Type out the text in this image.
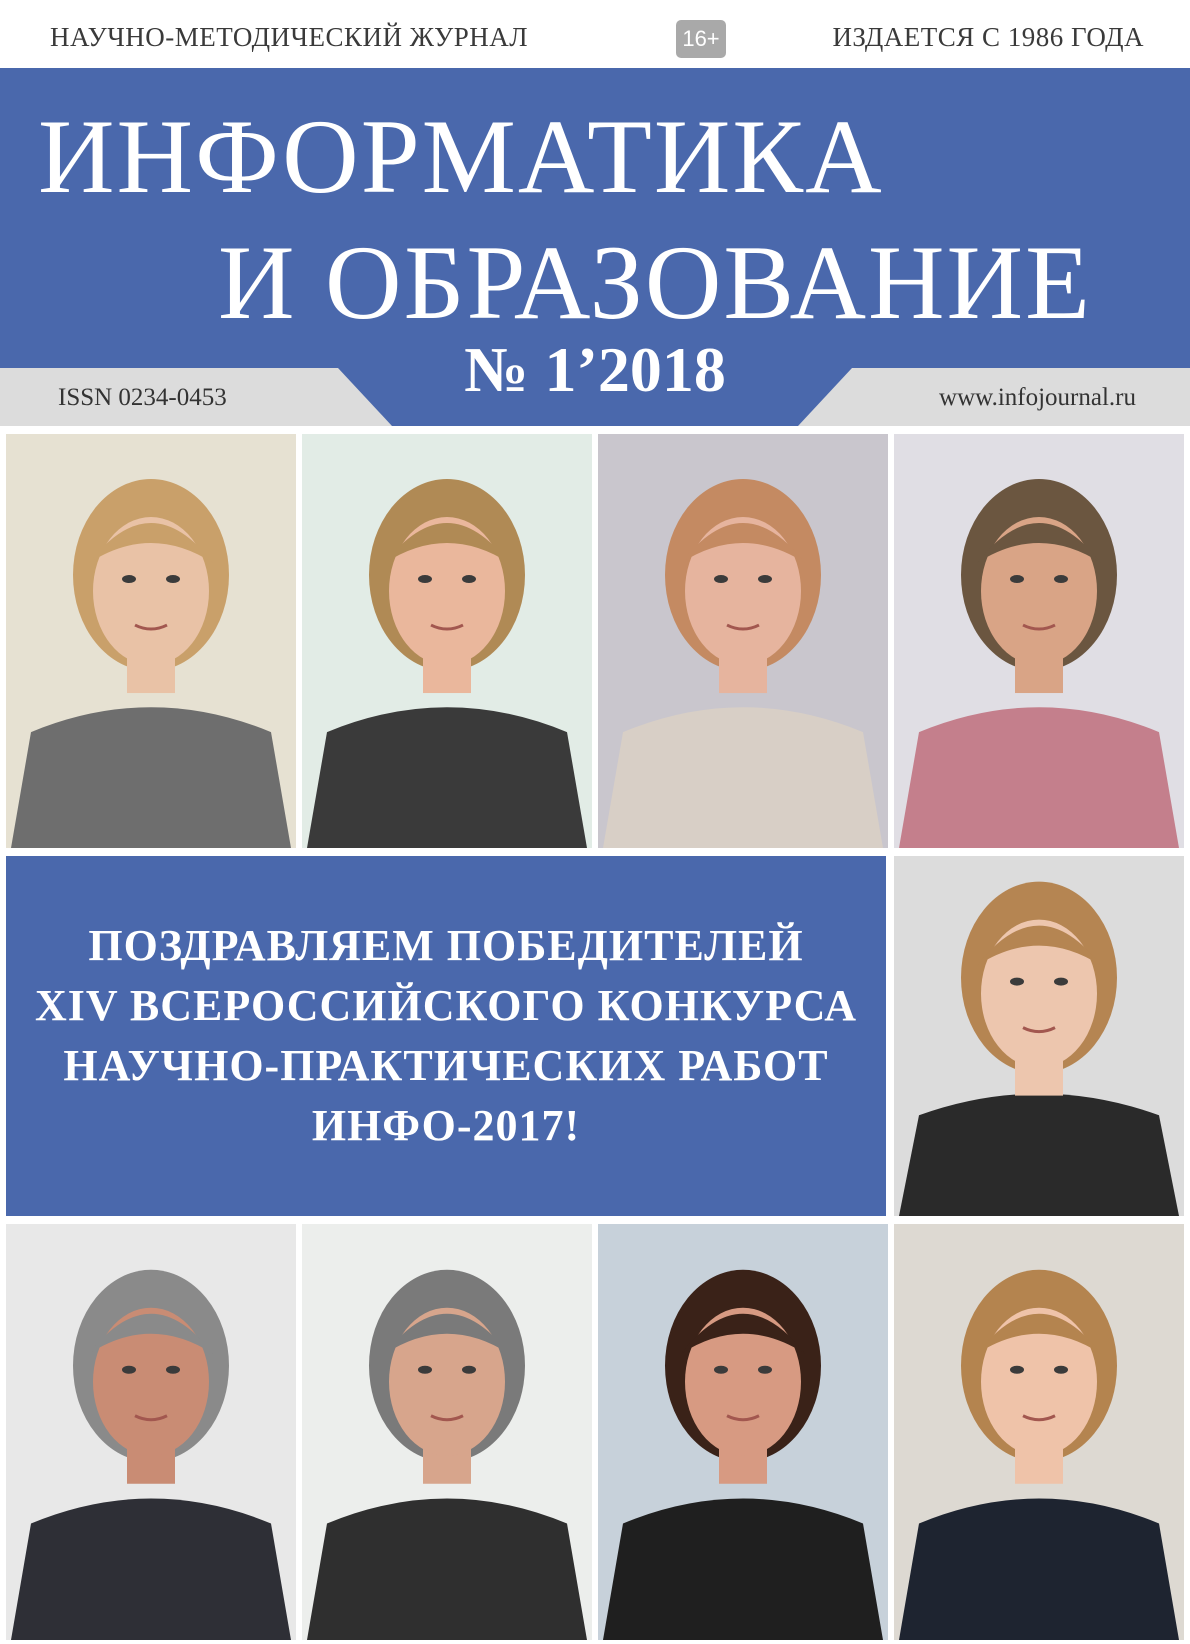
НАУЧНО-МЕТОДИЧЕСКИЙ ЖУРНАЛ	16+	ИЗДАЕТСЯ С 1986 ГОДА
ИНФОРМАТИКА
И ОБРАЗОВАНИЕ
№ 1’2018
ISSN 0234-0453	www.infojournal.ru
ПОЗДРАВЛЯЕМ ПОБЕДИТЕЛЕЙ
XIV ВСЕРОССИЙСКОГО КОНКУРСА
НАУЧНО-ПРАКТИЧЕСКИХ РАБОТ
ИНФО-2017!
